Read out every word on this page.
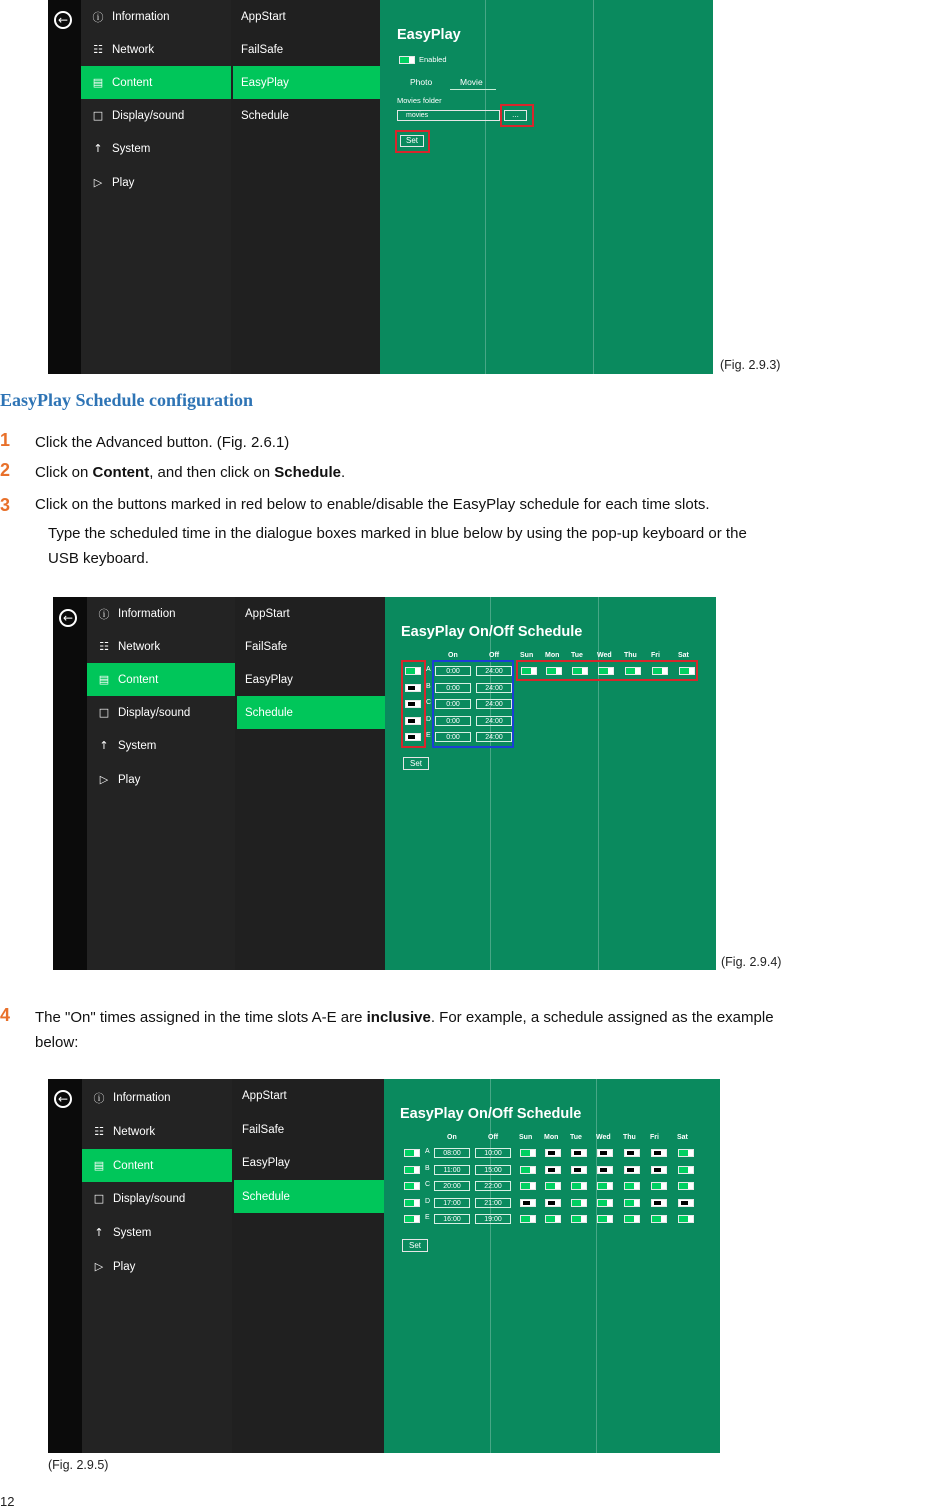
←	ⓘ Information
☷ Network
▤ Content
□ Display/sound
↑ System
▷ Play
AppStart
FailSafe
EasyPlay
Schedule
EasyPlay
Enabled
Photo	Movie
Movies folder
movies	...
Set
(Fig. 2.9.3)
EasyPlay Schedule configuration
1 Click the Advanced button. (Fig. 2.6.1)
2 Click on Content, and then click on Schedule.
3 Click on the buttons marked in red below to enable/disable the EasyPlay schedule for each time slots.
Type the scheduled time in the dialogue boxes marked in blue below by using the pop-up keyboard or the
USB keyboard.
←	ⓘ Information
☷ Network
▤ Content
□ Display/sound
↑ System
▷ Play
AppStart
FailSafe
EasyPlay
Schedule
EasyPlay On/Off Schedule
On	Off	Sun Mon Tue Wed Thu Fri	Sat
A	0:00	24:00
B	0:00	24:00
C	0:00	24:00
D	0:00	24:00
E	0:00	24:00
Set
(Fig. 2.9.4)
4 The "On" times assigned in the time slots A-E are inclusive. For example, a schedule assigned as the example
below:
←	ⓘ Information
☷ Network
▤ Content
□ Display/sound
↑ System
▷ Play
AppStart
FailSafe
EasyPlay
Schedule
EasyPlay On/Off Schedule
On	Off	Sun Mon Tue Wed Thu Fri	Sat
A	08:00	10:00
B	11:00	15:00
C	20:00	22:00
D	17:00	21:00
E	16:00	19:00
Set
(Fig. 2.9.5)
12
